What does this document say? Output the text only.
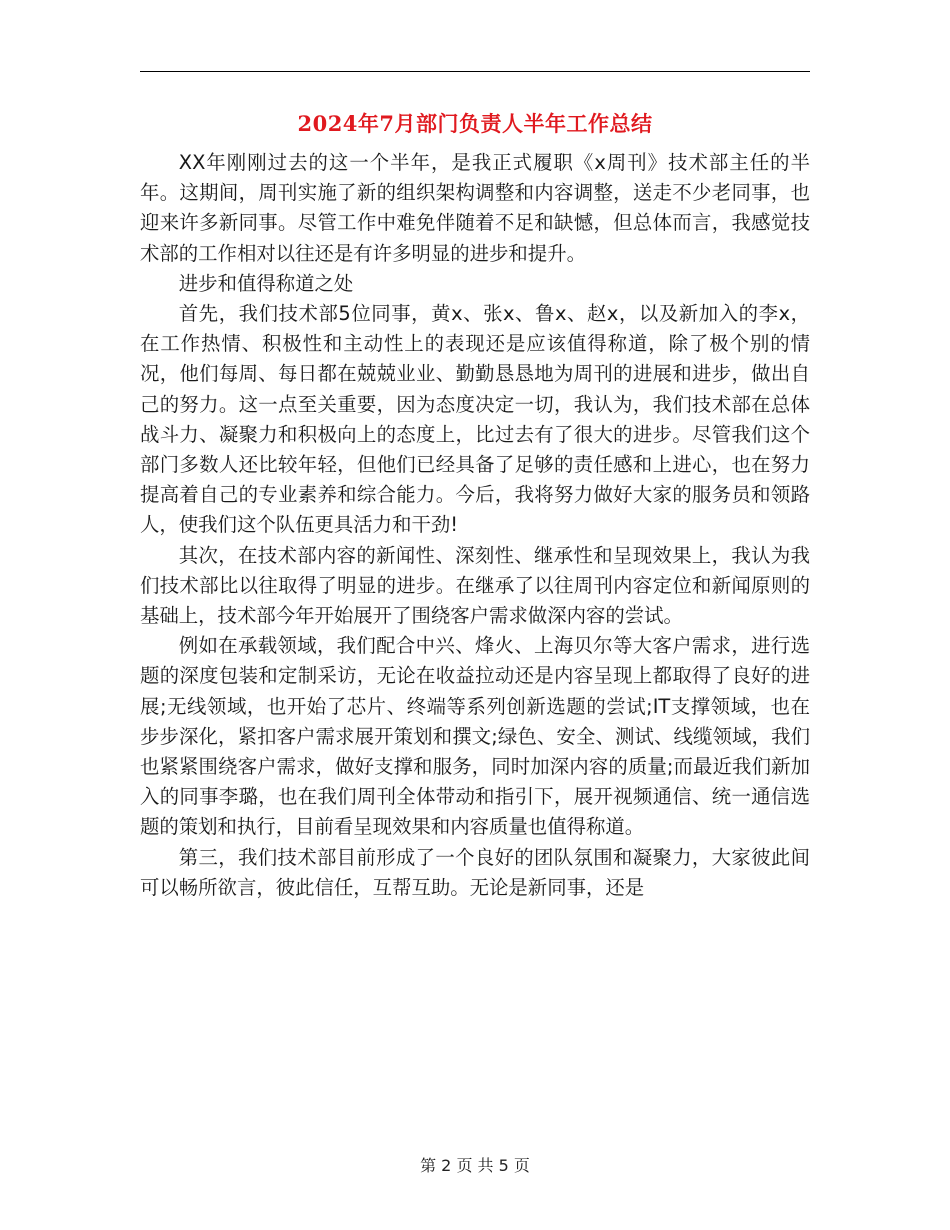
2024年7月部门负责人半年工作总结

XX年刚刚过去的这一个半年，是我正式履职《x周刊》技术部主任的半年。这期间，周刊实施了新的组织架构调整和内容调整，送走不少老同事，也迎来许多新同事。尽管工作中难免伴随着不足和缺憾，但总体而言，我感觉技术部的工作相对以往还是有许多明显的进步和提升。

进步和值得称道之处

首先，我们技术部5位同事，黄x、张x、鲁x、赵x，以及新加入的李x，在工作热情、积极性和主动性上的表现还是应该值得称道，除了极个别的情况，他们每周、每日都在兢兢业业、勤勤恳恳地为周刊的进展和进步，做出自己的努力。这一点至关重要，因为态度决定一切，我认为，我们技术部在总体战斗力、凝聚力和积极向上的态度上，比过去有了很大的进步。尽管我们这个部门多数人还比较年轻，但他们已经具备了足够的责任感和上进心，也在努力提高着自己的专业素养和综合能力。今后，我将努力做好大家的服务员和领路人，使我们这个队伍更具活力和干劲!

其次，在技术部内容的新闻性、深刻性、继承性和呈现效果上，我认为我们技术部比以往取得了明显的进步。在继承了以往周刊内容定位和新闻原则的基础上，技术部今年开始展开了围绕客户需求做深内容的尝试。

例如在承载领域，我们配合中兴、烽火、上海贝尔等大客户需求，进行选题的深度包装和定制采访，无论在收益拉动还是内容呈现上都取得了良好的进展;无线领域，也开始了芯片、终端等系列创新选题的尝试;IT支撑领域，也在步步深化，紧扣客户需求展开策划和撰文;绿色、安全、测试、线缆领域，我们也紧紧围绕客户需求，做好支撑和服务，同时加深内容的质量;而最近我们新加入的同事李璐，也在我们周刊全体带动和指引下，展开视频通信、统一通信选题的策划和执行，目前看呈现效果和内容质量也值得称道。

第三，我们技术部目前形成了一个良好的团队氛围和凝聚力，大家彼此间可以畅所欲言，彼此信任，互帮互助。无论是新同事，还是

第 2 页 共 5 页
